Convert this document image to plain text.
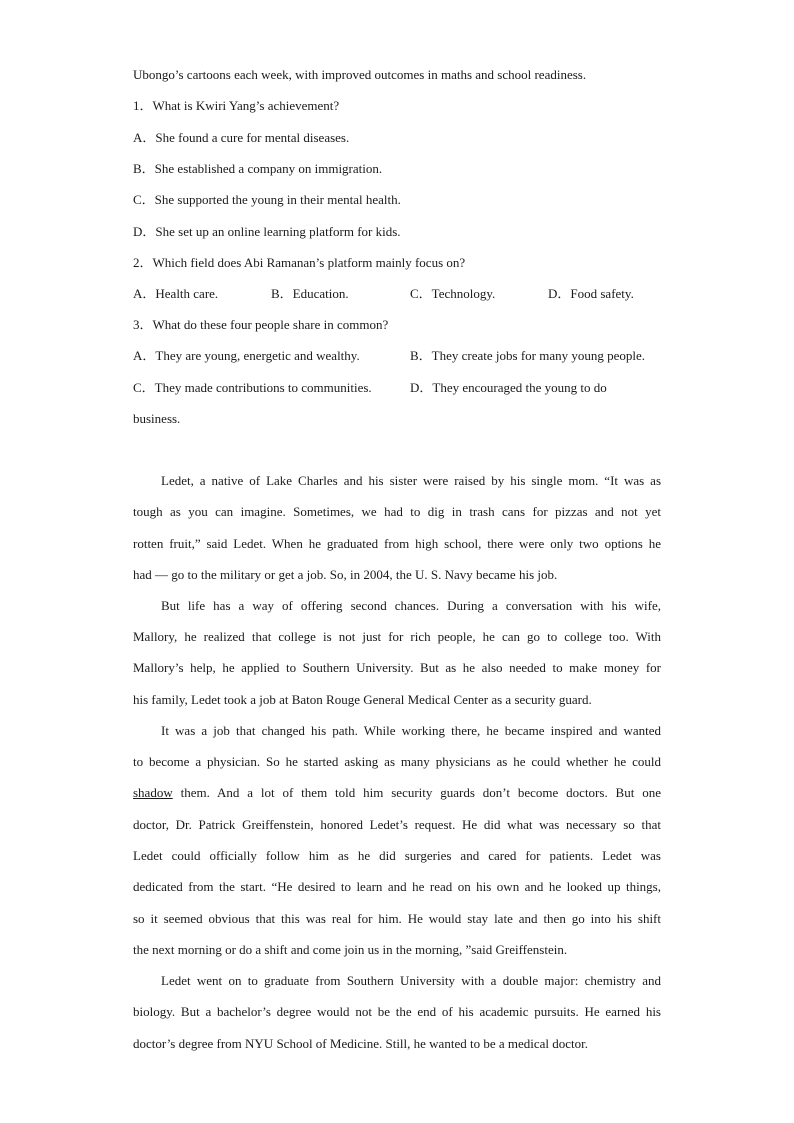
Ubongo’s cartoons each week, with improved outcomes in maths and school readiness.
1．What is Kwiri Yang’s achievement?
A．She found a cure for mental diseases.
B．She established a company on immigration.
C．She supported the young in their mental health.
D．She set up an online learning platform for kids.
2．Which field does Abi Ramanan’s platform mainly focus on?
A．Health care.	B．Education.	C．Technology.	D．Food safety.
3．What do these four people share in common?
A．They are young, energetic and wealthy.	B．They create jobs for many young people.
C．They made contributions to communities.	D．They encouraged the young to do
business.
Ledet, a native of Lake Charles and his sister were raised by his single mom. “It was as
tough as you can imagine. Sometimes, we had to dig in trash cans for pizzas and not yet
rotten fruit,” said Ledet. When he graduated from high school, there were only two options he
had — go to the military or get a job. So, in 2004, the U. S. Navy became his job.
But life has a way of offering second chances. During a conversation with his wife,
Mallory, he realized that college is not just for rich people, he can go to college too. With
Mallory’s help, he applied to Southern University. But as he also needed to make money for
his family, Ledet took a job at Baton Rouge General Medical Center as a security guard.
It was a job that changed his path. While working there, he became inspired and wanted
to become a physician. So he started asking as many physicians as he could whether he could
shadow them. And a lot of them told him security guards don’t become doctors. But one
doctor, Dr. Patrick Greiffenstein, honored Ledet’s request. He did what was necessary so that
Ledet could officially follow him as he did surgeries and cared for patients. Ledet was
dedicated from the start. “He desired to learn and he read on his own and he looked up things,
so it seemed obvious that this was real for him. He would stay late and then go into his shift
the next morning or do a shift and come join us in the morning, ”said Greiffenstein.
Ledet went on to graduate from Southern University with a double major: chemistry and
biology. But a bachelor’s degree would not be the end of his academic pursuits. He earned his
doctor’s degree from NYU School of Medicine. Still, he wanted to be a medical doctor.
